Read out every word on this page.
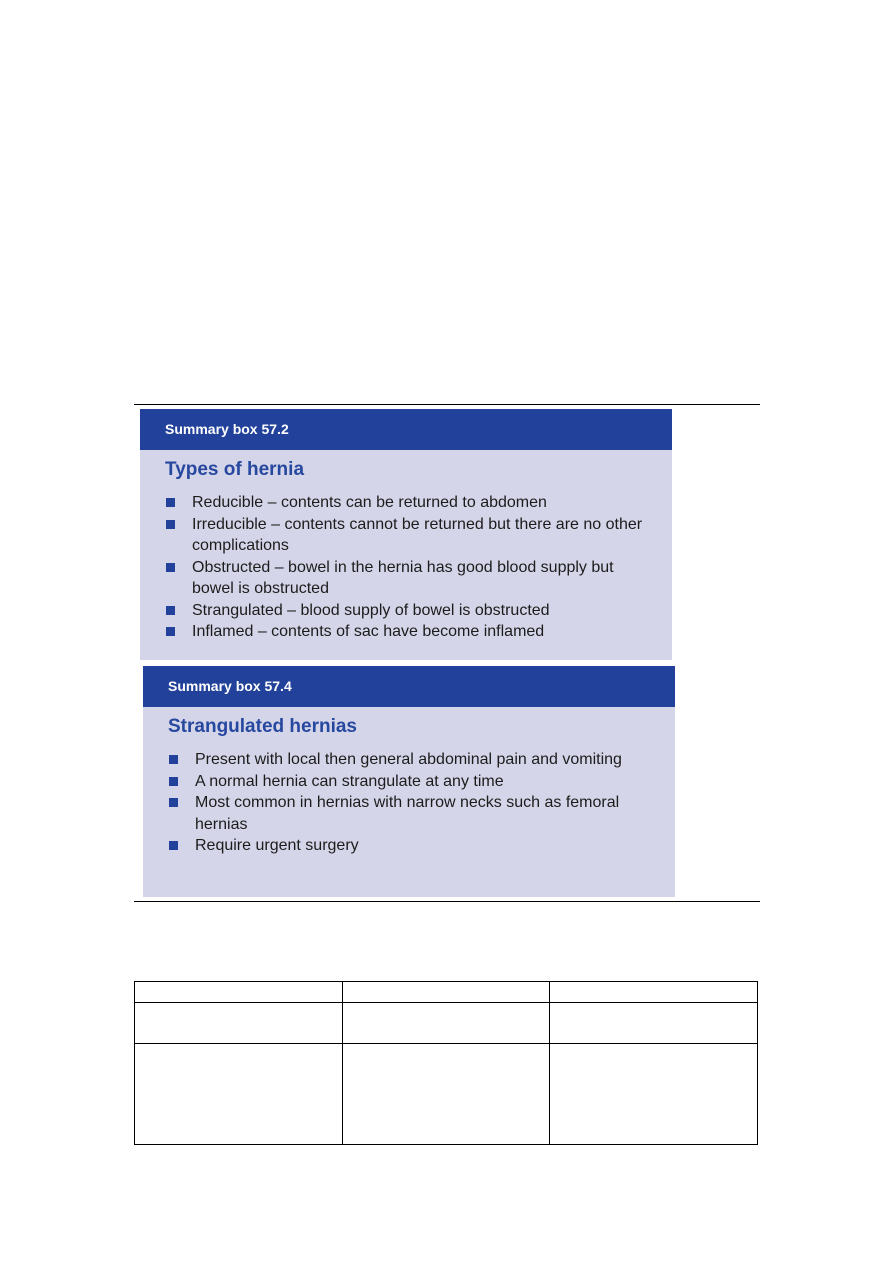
Summary box 57.2
Types of hernia
Reducible – contents can be returned to abdomen
Irreducible – contents cannot be returned but there are no other complications
Obstructed – bowel in the hernia has good blood supply but bowel is obstructed
Strangulated – blood supply of bowel is obstructed
Inflamed – contents of sac have become inflamed
Summary box 57.4
Strangulated hernias
Present with local then general abdominal pain and vomiting
A normal hernia can strangulate at any time
Most common in hernias with narrow necks such as femoral hernias
Require urgent surgery
